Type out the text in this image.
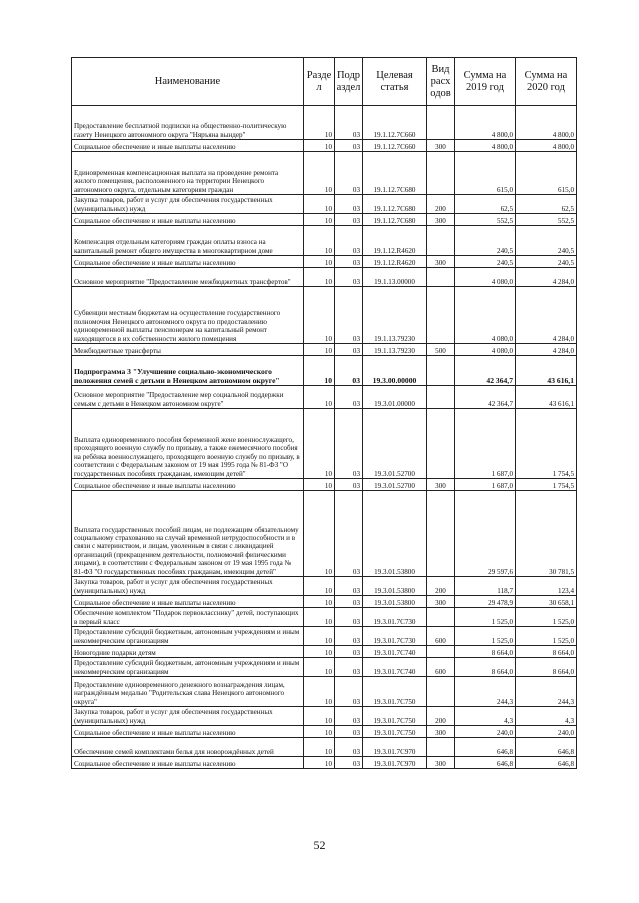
Наименование	Разде л	Подр аздел	Целевая статья	Вид расх одов	Сумма на 2019 год	Сумма на 2020 год
Предоставление бесплатной подписки на общественно-политическую газету Ненецкого автономного округа "Няръяна вындер"	10	03	19.1.12.7C660		4 800,0	4 800,0
Социальное обеспечение и иные выплаты населению	10	03	19.1.12.7C660	300	4 800,0	4 800,0
Единовременная компенсационная выплата на проведение ремонта жилого помещения, расположенного на территории Ненецкого автономного округа, отдельным категориям граждан	10	03	19.1.12.7C680		615,0	615,0
Закупка товаров, работ и услуг для обеспечения государственных (муниципальных) нужд	10	03	19.1.12.7C680	200	62,5	62,5
Социальное обеспечение и иные выплаты населению	10	03	19.1.12.7C680	300	552,5	552,5
Компенсация отдельным категориям граждан оплаты взноса на капитальный ремонт общего имущества в многоквартирном доме	10	03	19.1.12.R4620		240,5	240,5
Социальное обеспечение и иные выплаты населению	10	03	19.1.12.R4620	300	240,5	240,5
Основное мероприятие "Предоставление межбюджетных трансфертов"	10	03	19.1.13.00000		4 080,0	4 284,0
Субвенции местным бюджетам на осуществление государственного полномочия Ненецкого автономного округа по предоставлению единовременной выплаты пенсионерам на капитальный ремонт находящегося в их собственности жилого помещения	10	03	19.1.13.79230		4 080,0	4 284,0
Межбюджетные трансферты	10	03	19.1.13.79230	500	4 080,0	4 284,0
Подпрограмма 3 "Улучшение социально-экономического положения семей с детьми в Ненецком автономном округе"	10	03	19.3.00.00000		42 364,7	43 616,1
Основное мероприятие "Предоставление мер социальной поддержки семьям с детьми в Ненецком автономном округе"	10	03	19.3.01.00000		42 364,7	43 616,1
Выплата единовременного пособия беременной жене военнослужащего, проходящего военную службу по призыву, а также ежемесячного пособия на ребёнка военнослужащего, проходящего военную службу по призыву, в соответствии с Федеральным законом от 19 мая 1995 года № 81-ФЗ "О государственных пособиях гражданам, имеющим детей"	10	03	19.3.01.52700		1 687,0	1 754,5
Социальное обеспечение и иные выплаты населению	10	03	19.3.01.52700	300	1 687,0	1 754,5
Выплата государственных пособий лицам, не подлежащим обязательному социальному страхованию на случай временной нетрудоспособности и в связи с материнством, и лицам, уволенным в связи с ликвидацией организаций (прекращением деятельности, полномочий физическими лицами), в соответствии с Федеральным законом от 19 мая 1995 года № 81-ФЗ "О государственных пособиях гражданам, имеющим детей"	10	03	19.3.01.53800		29 597,6	30 781,5
Закупка товаров, работ и услуг для обеспечения государственных (муниципальных) нужд	10	03	19.3.01.53800	200	118,7	123,4
Социальное обеспечение и иные выплаты населению	10	03	19.3.01.53800	300	29 478,9	30 658,1
Обеспечение комплектом "Подарок первокласснику" детей, поступающих в первый класс	10	03	19.3.01.7C730		1 525,0	1 525,0
Предоставление субсидий бюджетным, автономным учреждениям и иным некоммерческим организациям	10	03	19.3.01.7C730	600	1 525,0	1 525,0
Новогодние подарки детям	10	03	19.3.01.7C740		8 664,0	8 664,0
Предоставление субсидий бюджетным, автономным учреждениям и иным некоммерческим организациям	10	03	19.3.01.7C740	600	8 664,0	8 664,0
Предоставление единовременного денежного вознаграждения лицам, награждённым медалью "Родительская слава Ненецкого автономного округа"	10	03	19.3.01.7C750		244,3	244,3
Закупка товаров, работ и услуг для обеспечения государственных (муниципальных) нужд	10	03	19.3.01.7C750	200	4,3	4,3
Социальное обеспечение и иные выплаты населению	10	03	19.3.01.7C750	300	240,0	240,0
Обеспечение семей комплектами белья для новорождённых детей	10	03	19.3.01.7C970		646,8	646,8
Социальное обеспечение и иные выплаты населению	10	03	19.3.01.7C970	300	646,8	646,8
52
